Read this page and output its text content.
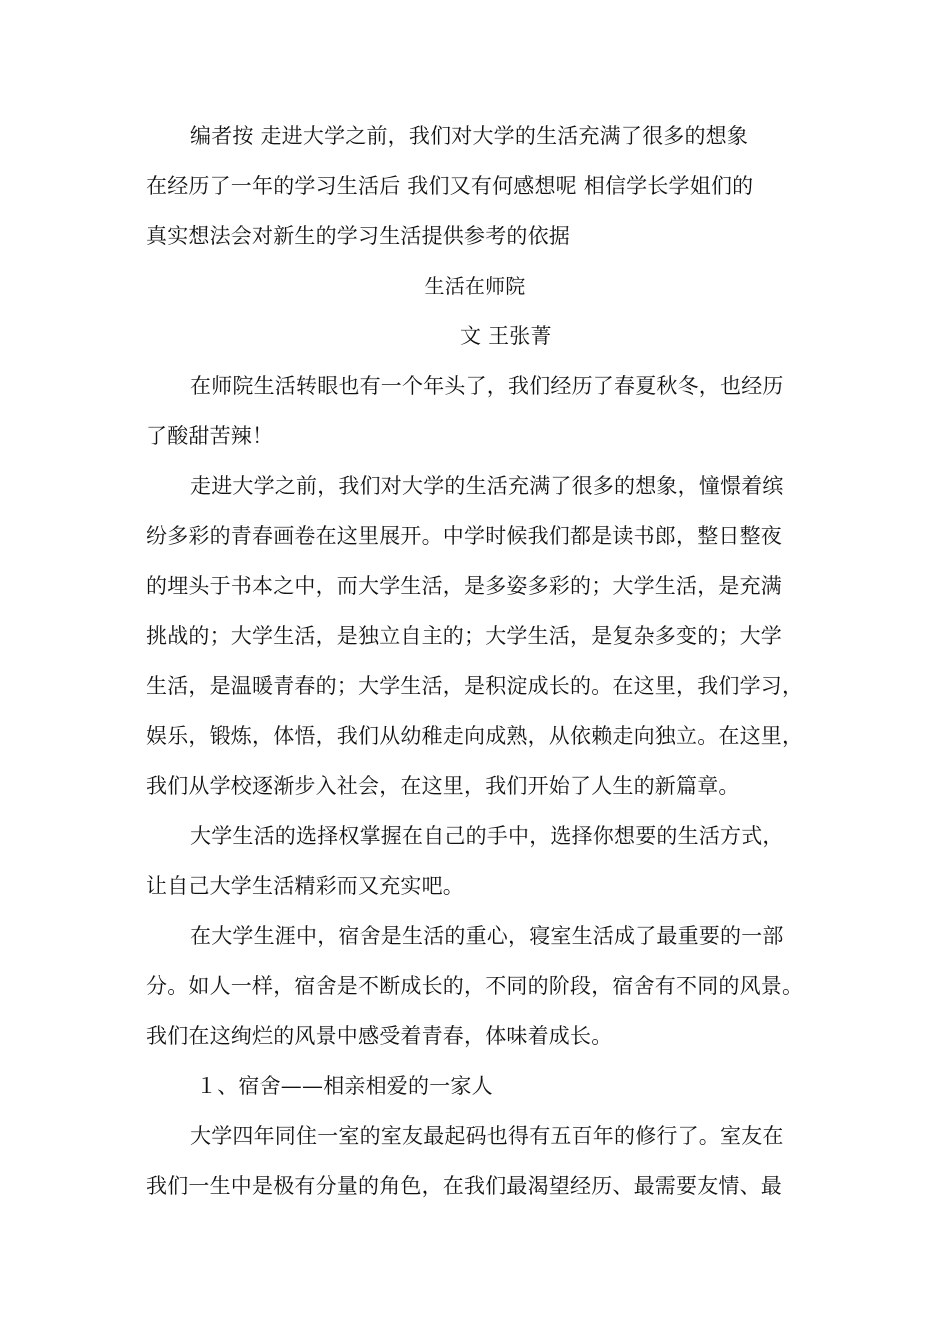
编者按 走进大学之前，我们对大学的生活充满了很多的想象
在经历了一年的学习生活后 我们又有何感想呢 相信学长学姐们的
真实想法会对新生的学习生活提供参考的依据
生活在师院
文 王张菁
在师院生活转眼也有一个年头了，我们经历了春夏秋冬，也经历
了酸甜苦辣！
走进大学之前，我们对大学的生活充满了很多的想象，憧憬着缤
纷多彩的青春画卷在这里展开。中学时候我们都是读书郎，整日整夜
的埋头于书本之中，而大学生活，是多姿多彩的；大学生活，是充满
挑战的；大学生活，是独立自主的；大学生活，是复杂多变的；大学
生活，是温暖青春的；大学生活，是积淀成长的。在这里，我们学习，
娱乐，锻炼，体悟，我们从幼稚走向成熟，从依赖走向独立。在这里，
我们从学校逐渐步入社会，在这里，我们开始了人生的新篇章。
大学生活的选择权掌握在自己的手中，选择你想要的生活方式，
让自己大学生活精彩而又充实吧。
在大学生涯中，宿舍是生活的重心，寝室生活成了最重要的一部
分。如人一样，宿舍是不断成长的，不同的阶段，宿舍有不同的风景。
我们在这绚烂的风景中感受着青春，体味着成长。
１、宿舍——相亲相爱的一家人
大学四年同住一室的室友最起码也得有五百年的修行了。室友在
我们一生中是极有分量的角色，在我们最渴望经历、最需要友情、最
